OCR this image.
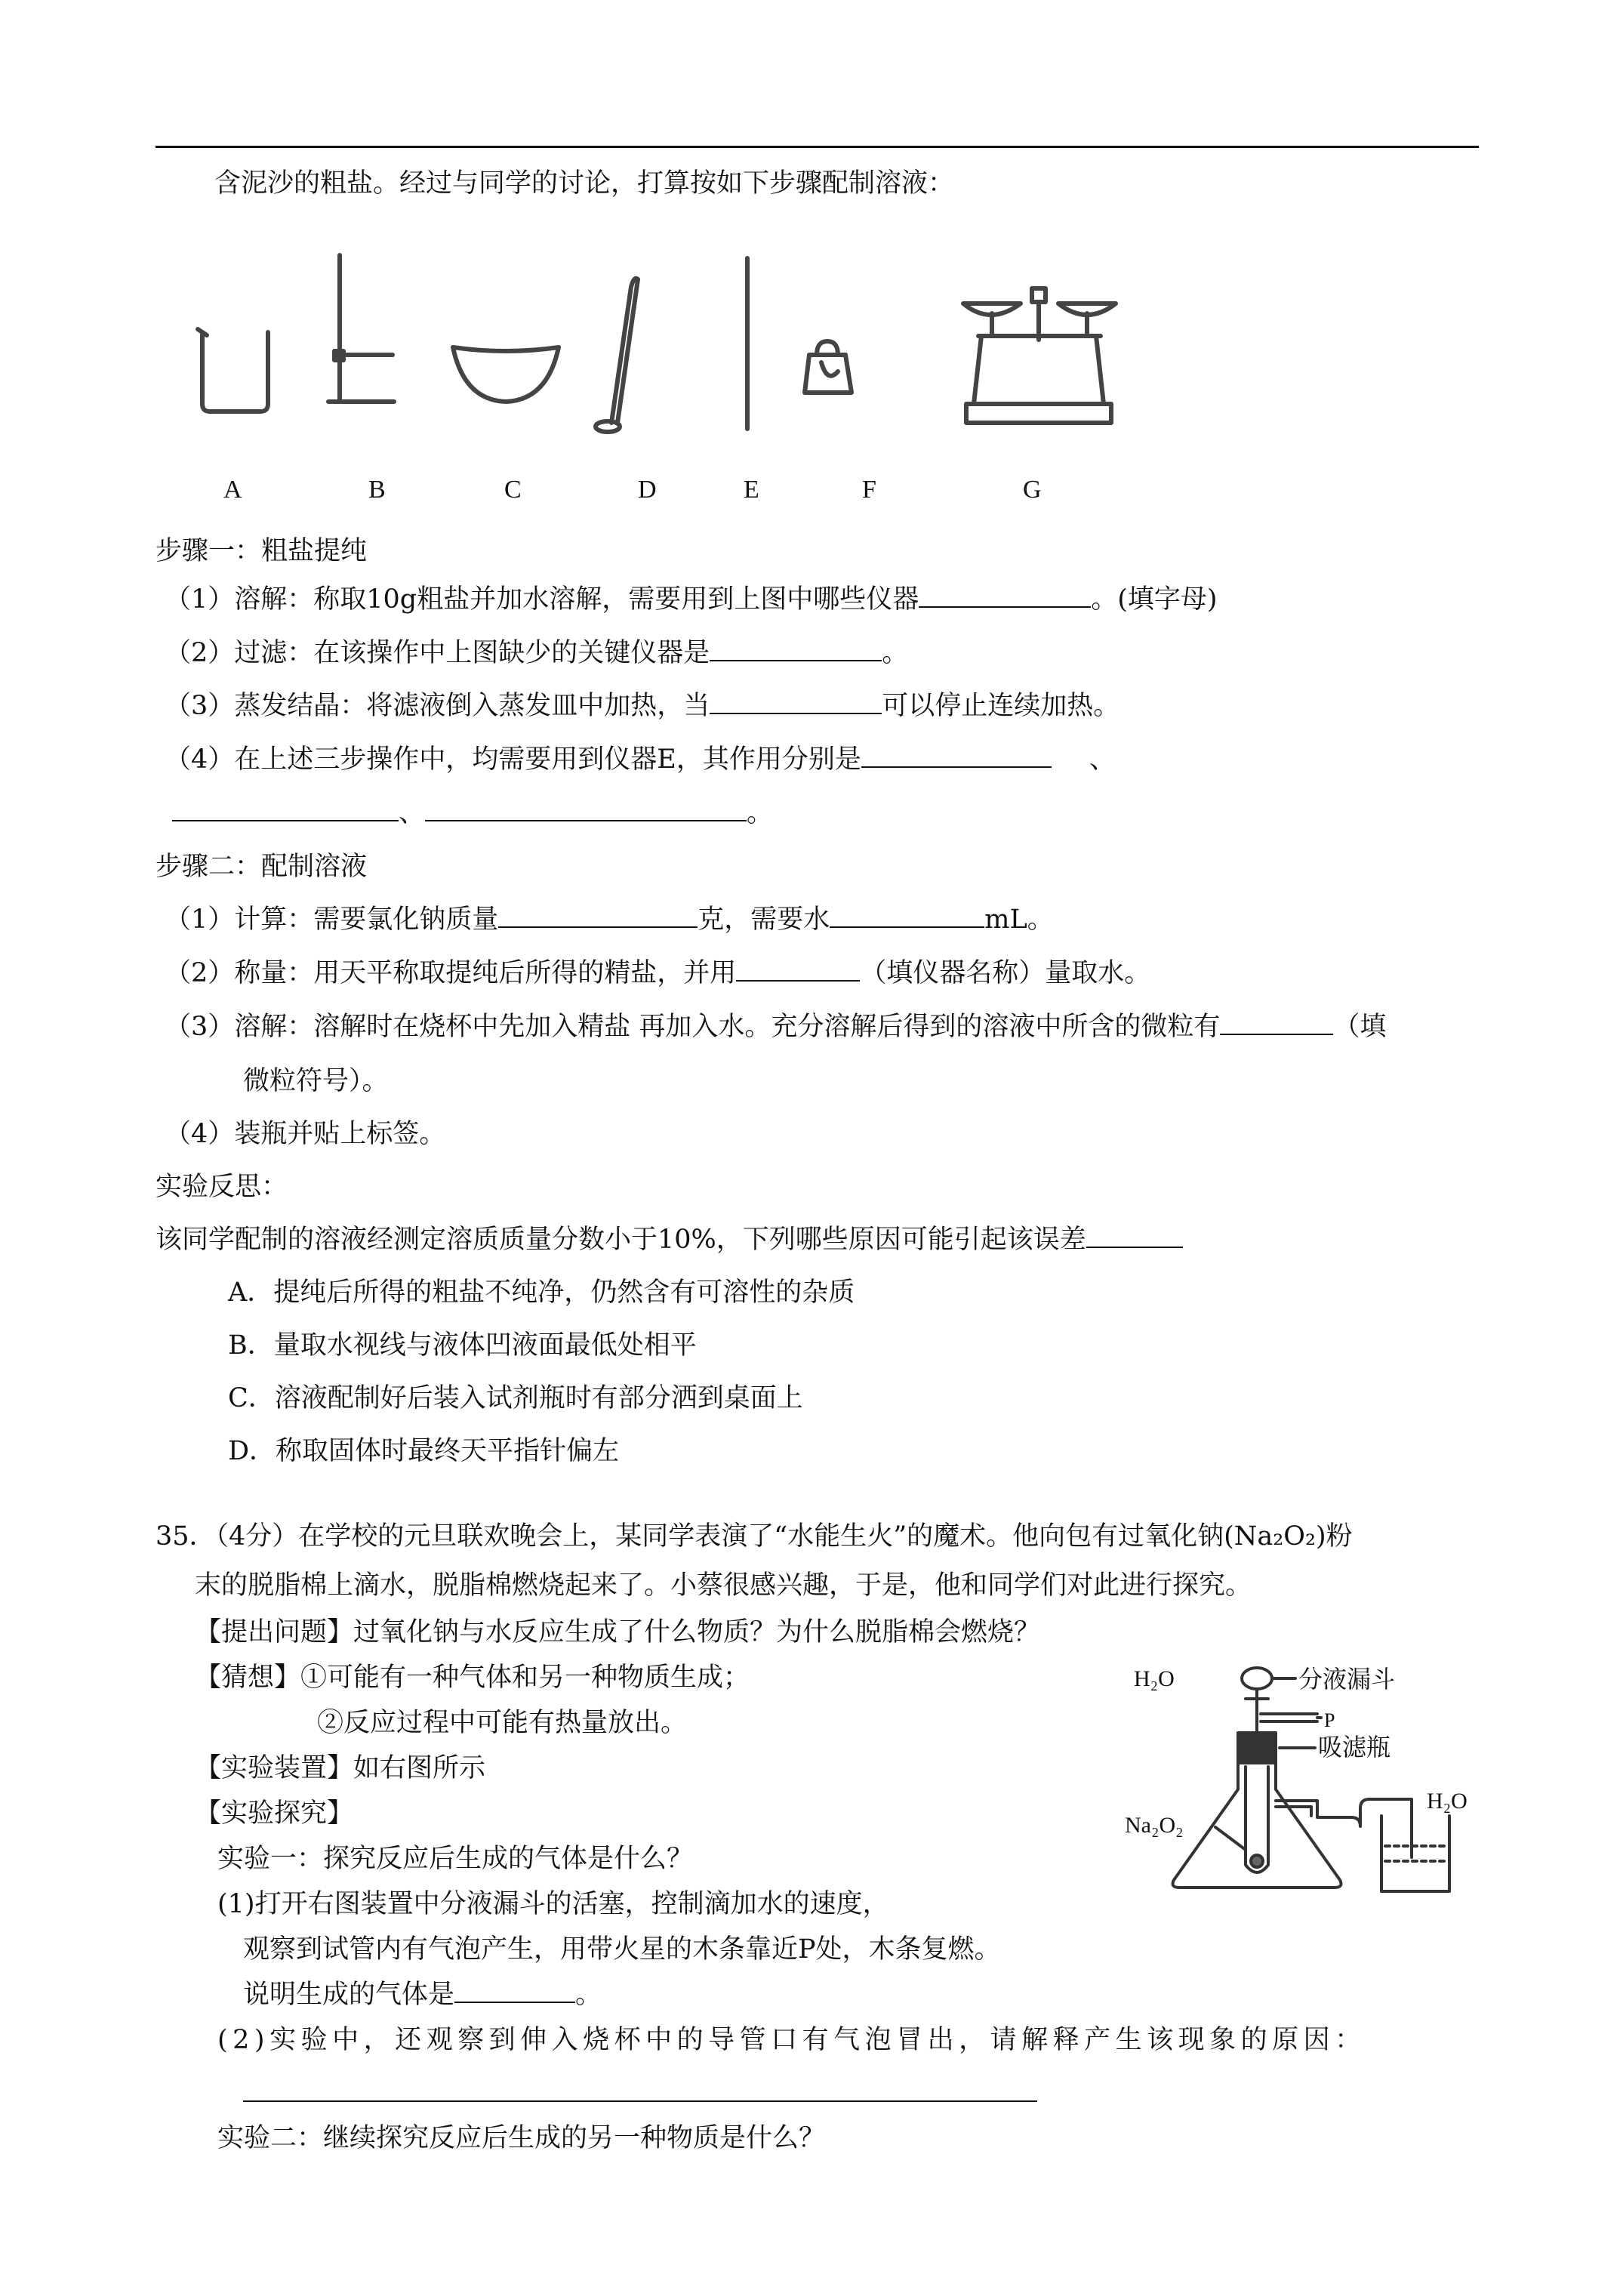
含泥沙的粗盐。经过与同学的讨论，打算按如下步骤配制溶液：
A	B	C	D	E	F	G
步骤一：粗盐提纯
（1）溶解：称取10g粗盐并加水溶解，需要用到上图中哪些仪器	。(填字母)
（2）过滤：在该操作中上图缺少的关键仪器是	。
（3）蒸发结晶：将滤液倒入蒸发皿中加热，当	可以停止连续加热。
（4）在上述三步操作中，均需要用到仪器E，其作用分别是	、
、	。
步骤二：配制溶液
（1）计算：需要氯化钠质量	克，需要水	mL。
（2）称量：用天平称取提纯后所得的精盐，并用	（填仪器名称）量取水。
（3）溶解：溶解时在烧杯中先加入精盐 再加入水。充分溶解后得到的溶液中所含的微粒有	（填
微粒符号）。
（4）装瓶并贴上标签。
实验反思：
该同学配制的溶液经测定溶质质量分数小于10%，下列哪些原因可能引起该误差
A．提纯后所得的粗盐不纯净，仍然含有可溶性的杂质
B．量取水视线与液体凹液面最低处相平
C．溶液配制好后装入试剂瓶时有部分洒到桌面上
D．称取固体时最终天平指针偏左
35．（4分）在学校的元旦联欢晚会上，某同学表演了“水能生火”的魔术。他向包有过氧化钠(Na₂O₂)粉
末的脱脂棉上滴水，脱脂棉燃烧起来了。小蔡很感兴趣，于是，他和同学们对此进行探究。
【提出问题】过氧化钠与水反应生成了什么物质？为什么脱脂棉会燃烧？
【猜想】①可能有一种气体和另一种物质生成；
②反应过程中可能有热量放出。
【实验装置】如右图所示
【实验探究】
实验一：探究反应后生成的气体是什么？
(1)打开右图装置中分液漏斗的活塞，控制滴加水的速度，
观察到试管内有气泡产生，用带火星的木条靠近P处，木条复燃。
说明生成的气体是	。
(2)实验中，还观察到伸入烧杯中的导管口有气泡冒出，请解释产生该现象的原因：
实验二：继续探究反应后生成的另一种物质是什么？
H₂O	分液漏斗
P
吸滤瓶
Na₂O₂
H₂O
